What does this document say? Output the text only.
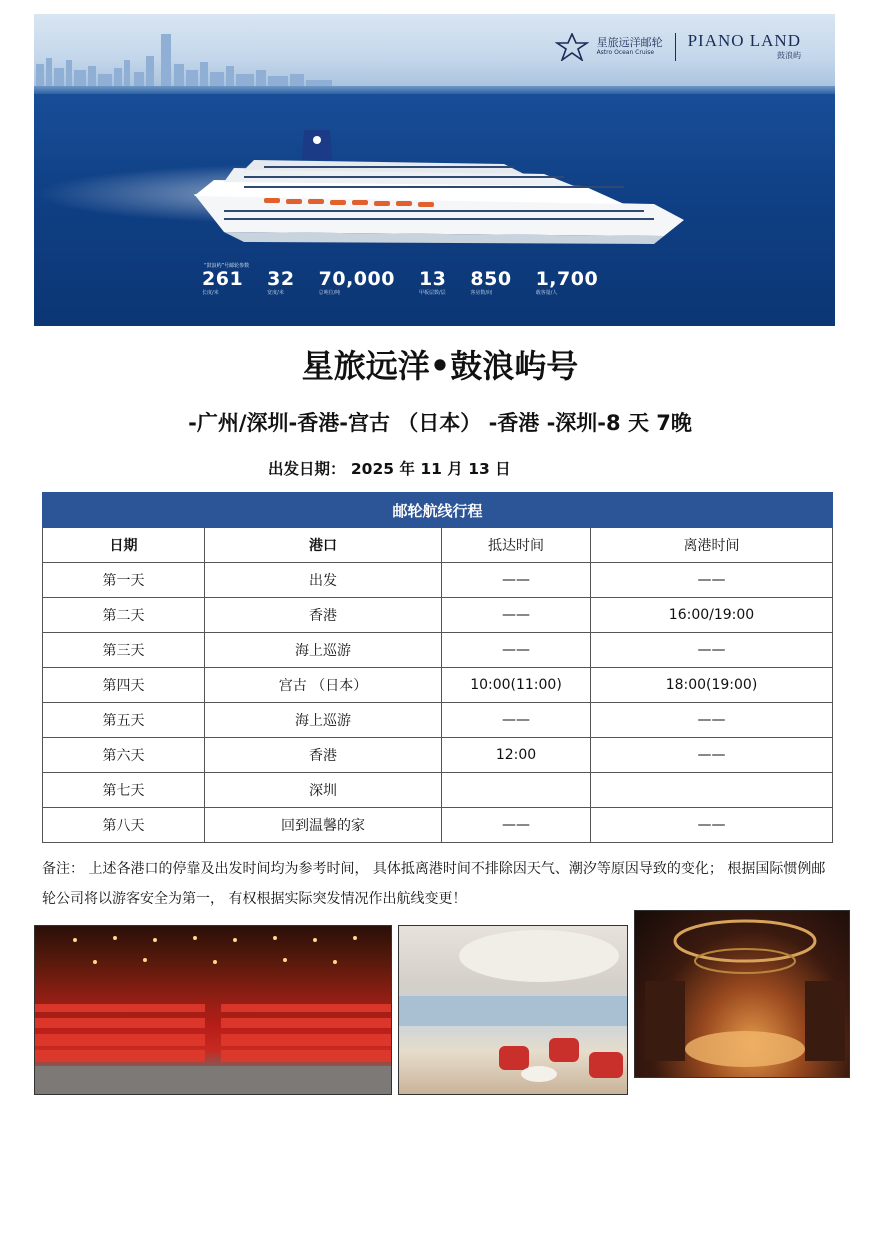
星旅远洋邮轮
Astro Ocean Cruise
PIANO LAND
鼓浪屿
“鼓浪屿”号邮轮参数
261
长度/米
32
宽度/米
70,000
总吨位/吨
13
甲板层数/层
850
客房数/间
1,700
载客量/人
星旅远洋•鼓浪屿号
-广州/深圳-香港-宫古 （日本） -香港 -深圳-8 天 7晚
出发日期： 2025 年 11 月 13 日
邮轮航线行程			
日期	港口	抵达时间	离港时间
第一天	出发	——	——
第二天	香港	——	16:00/19:00
第三天	海上巡游	——	——
第四天	宫古 （日本）	10:00(11:00)	18:00(19:00)
第五天	海上巡游	——	——
第六天	香港	12:00	——
第七天	深圳		
第八天	回到温馨的家	——	——
备注： 上述各港口的停靠及出发时间均为参考时间， 具体抵离港时间不排除因天气、潮汐等原因导致的变化； 根据国际惯例邮轮公司将以游客安全为第一， 有权根据实际突发情况作出航线变更！
